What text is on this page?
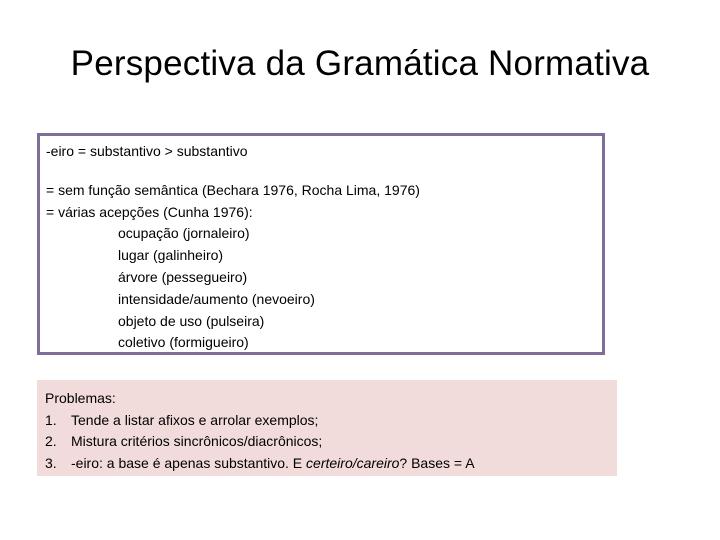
Perspectiva da Gramática Normativa
-eiro = substantivo > substantivo
= sem função semântica (Bechara 1976, Rocha Lima, 1976)
= várias acepções (Cunha 1976):
ocupação (jornaleiro)
lugar (galinheiro)
árvore (pessegueiro)
intensidade/aumento (nevoeiro)
objeto de uso (pulseira)
coletivo (formigueiro)
Problemas:
1. Tende a listar afixos e arrolar exemplos;
2. Mistura critérios sincrônicos/diacrônicos;
3. -eiro: a base é apenas substantivo. E certeiro/careiro? Bases = A
